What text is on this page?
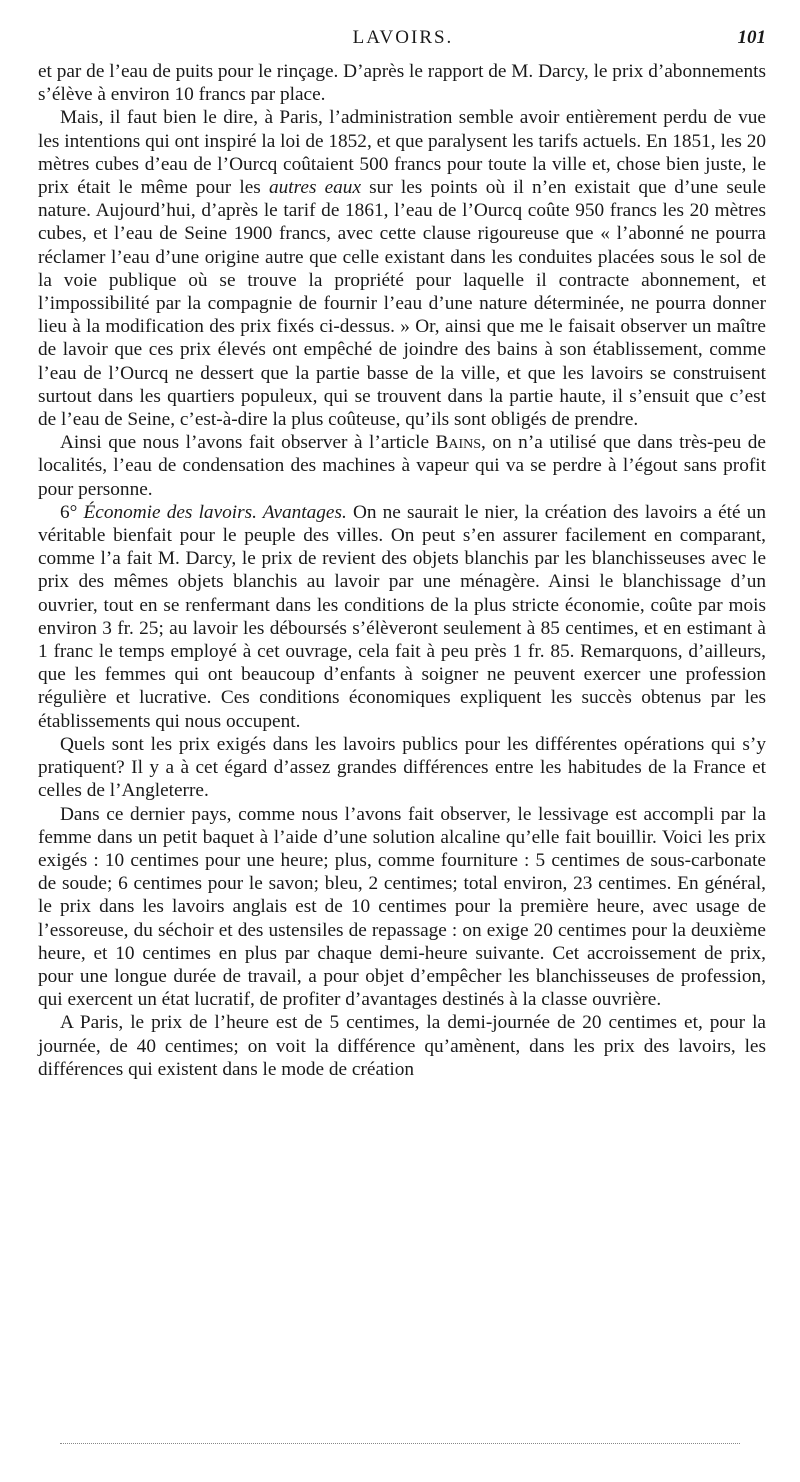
LAVOIRS.	101

et par de l’eau de puits pour le rinçage. D’après le rapport de M. Darcy, le prix d’abonnements s’élève à environ 10 francs par place.

Mais, il faut bien le dire, à Paris, l’administration semble avoir entièrement perdu de vue les intentions qui ont inspiré la loi de 1852, et que paralysent les tarifs actuels. En 1851, les 20 mètres cubes d’eau de l’Ourcq coûtaient 500 francs pour toute la ville et, chose bien juste, le prix était le même pour les autres eaux sur les points où il n’en existait que d’une seule nature. Aujourd’hui, d’après le tarif de 1861, l’eau de l’Ourcq coûte 950 francs les 20 mètres cubes, et l’eau de Seine 1900 francs, avec cette clause rigoureuse que « l’abonné ne pourra réclamer l’eau d’une origine autre que celle existant dans les conduites placées sous le sol de la voie publique où se trouve la propriété pour laquelle il contracte abonnement, et l’impossibilité par la compagnie de fournir l’eau d’une nature déterminée, ne pourra donner lieu à la modification des prix fixés ci-dessus. » Or, ainsi que me le faisait observer un maître de lavoir que ces prix élevés ont empêché de joindre des bains à son établissement, comme l’eau de l’Ourcq ne dessert que la partie basse de la ville, et que les lavoirs se construisent surtout dans les quartiers populeux, qui se trouvent dans la partie haute, il s’ensuit que c’est de l’eau de Seine, c’est-à-dire la plus coûteuse, qu’ils sont obligés de prendre.

Ainsi que nous l’avons fait observer à l’article Bains, on n’a utilisé que dans très-peu de localités, l’eau de condensation des machines à vapeur qui va se perdre à l’égout sans profit pour personne.

6° Économie des lavoirs. Avantages. On ne saurait le nier, la création des lavoirs a été un véritable bienfait pour le peuple des villes. On peut s’en assurer facilement en comparant, comme l’a fait M. Darcy, le prix de revient des objets blanchis par les blanchisseuses avec le prix des mêmes objets blanchis au lavoir par une ménagère. Ainsi le blanchissage d’un ouvrier, tout en se renfermant dans les conditions de la plus stricte économie, coûte par mois environ 3 fr. 25; au lavoir les déboursés s’élèveront seulement à 85 centimes, et en estimant à 1 franc le temps employé à cet ouvrage, cela fait à peu près 1 fr. 85. Remarquons, d’ailleurs, que les femmes qui ont beaucoup d’enfants à soigner ne peuvent exercer une profession régulière et lucrative. Ces conditions économiques expliquent les succès obtenus par les établissements qui nous occupent.

Quels sont les prix exigés dans les lavoirs publics pour les différentes opérations qui s’y pratiquent? Il y a à cet égard d’assez grandes différences entre les habitudes de la France et celles de l’Angleterre.

Dans ce dernier pays, comme nous l’avons fait observer, le lessivage est accompli par la femme dans un petit baquet à l’aide d’une solution alcaline qu’elle fait bouillir. Voici les prix exigés : 10 centimes pour une heure; plus, comme fourniture : 5 centimes de sous-carbonate de soude; 6 centimes pour le savon; bleu, 2 centimes; total environ, 23 centimes. En général, le prix dans les lavoirs anglais est de 10 centimes pour la première heure, avec usage de l’essoreuse, du séchoir et des ustensiles de repassage : on exige 20 centimes pour la deuxième heure, et 10 centimes en plus par chaque demi-heure suivante. Cet accroissement de prix, pour une longue durée de travail, a pour objet d’empêcher les blanchisseuses de profession, qui exercent un état lucratif, de profiter d’avantages destinés à la classe ouvrière.

A Paris, le prix de l’heure est de 5 centimes, la demi-journée de 20 centimes et, pour la journée, de 40 centimes; on voit la différence qu’amènent, dans les prix des lavoirs, les différences qui existent dans le mode de création
